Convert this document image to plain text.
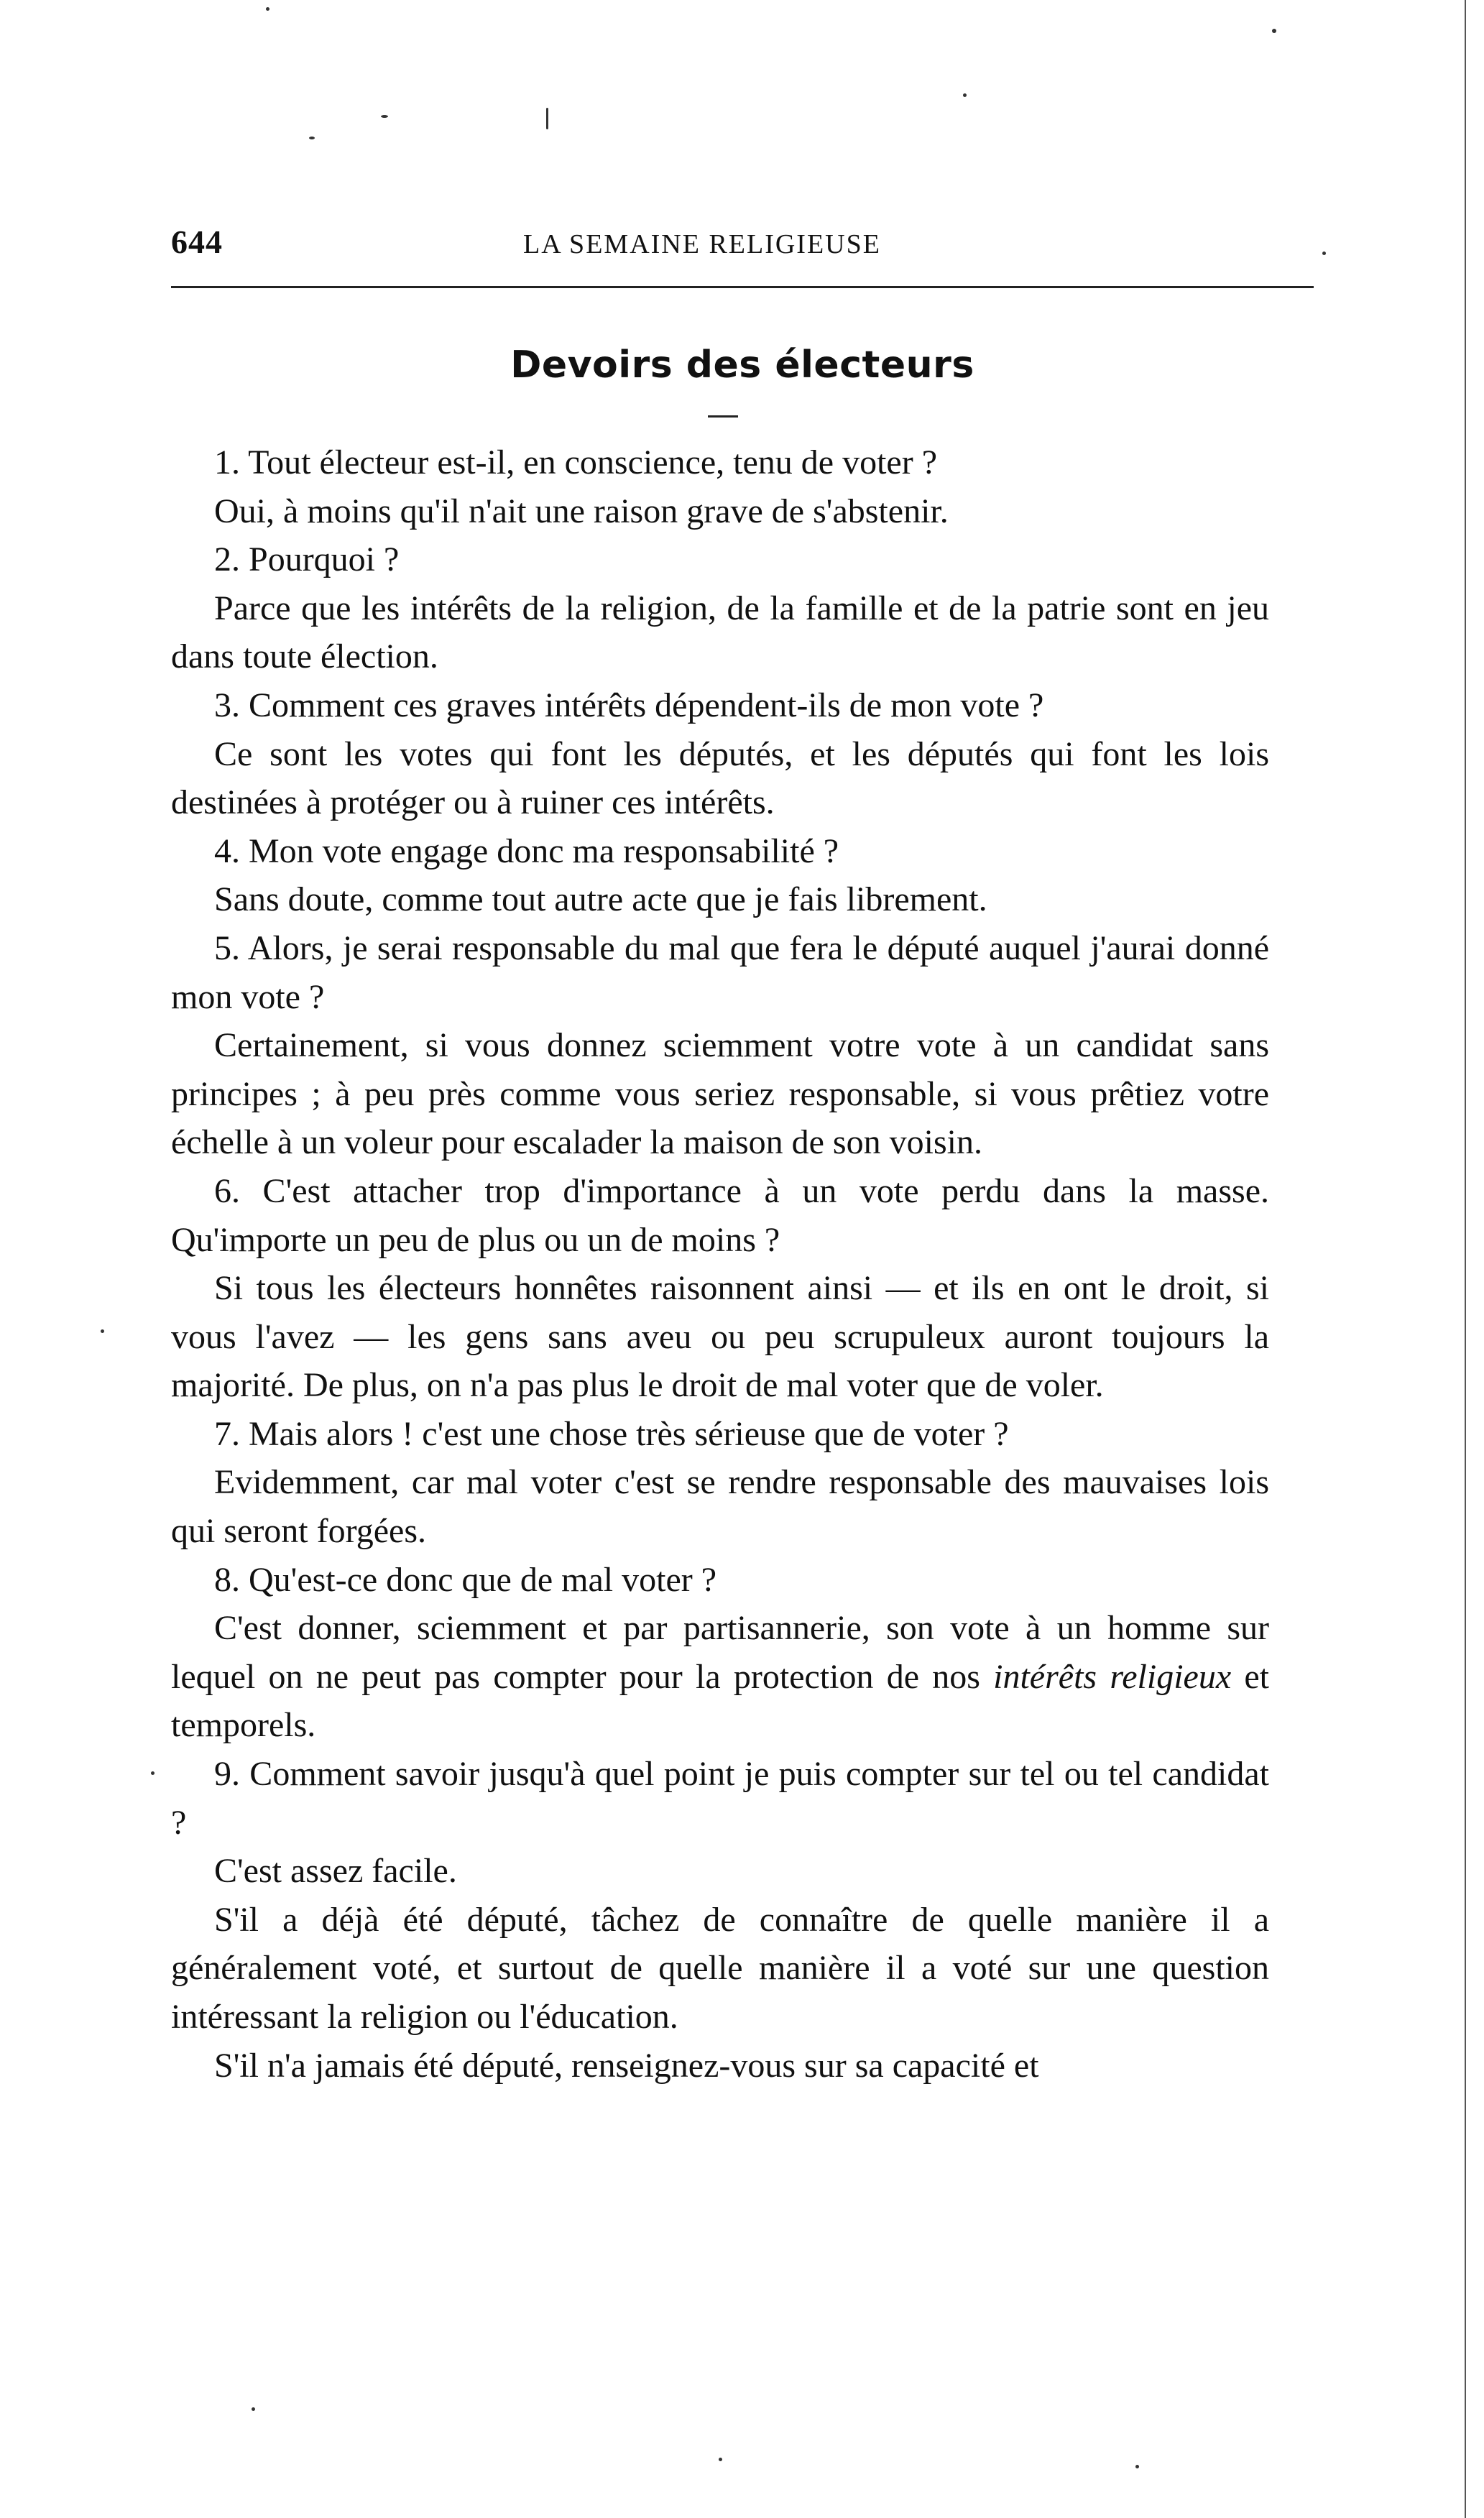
644	LA SEMAINE RELIGIEUSE
Devoirs des électeurs

1. Tout électeur est-il, en conscience, tenu de voter ?

Oui, à moins qu'il n'ait une raison grave de s'abstenir.

2. Pourquoi ?

Parce que les intérêts de la religion, de la famille et de la patrie sont en jeu dans toute élection.

3. Comment ces graves intérêts dépendent-ils de mon vote ?

Ce sont les votes qui font les députés, et les députés qui font les lois destinées à protéger ou à ruiner ces intérêts.

4. Mon vote engage donc ma responsabilité ?

Sans doute, comme tout autre acte que je fais librement.

5. Alors, je serai responsable du mal que fera le député auquel j'aurai donné mon vote ?

Certainement, si vous donnez sciemment votre vote à un candidat sans principes ; à peu près comme vous seriez responsable, si vous prêtiez votre échelle à un voleur pour escalader la maison de son voisin.

6. C'est attacher trop d'importance à un vote perdu dans la masse. Qu'importe un peu de plus ou un de moins ?

Si tous les électeurs honnêtes raisonnent ainsi — et ils en ont le droit, si vous l'avez — les gens sans aveu ou peu scrupuleux auront toujours la majorité. De plus, on n'a pas plus le droit de mal voter que de voler.

7. Mais alors ! c'est une chose très sérieuse que de voter ?

Evidemment, car mal voter c'est se rendre responsable des mauvaises lois qui seront forgées.

8. Qu'est-ce donc que de mal voter ?

C'est donner, sciemment et par partisannerie, son vote à un homme sur lequel on ne peut pas compter pour la protection de nos intérêts religieux et temporels.

9. Comment savoir jusqu'à quel point je puis compter sur tel ou tel candidat ?

C'est assez facile.

S'il a déjà été député, tâchez de connaître de quelle manière il a généralement voté, et surtout de quelle manière il a voté sur une question intéressant la religion ou l'éducation.

S'il n'a jamais été député, renseignez-vous sur sa capacité et
